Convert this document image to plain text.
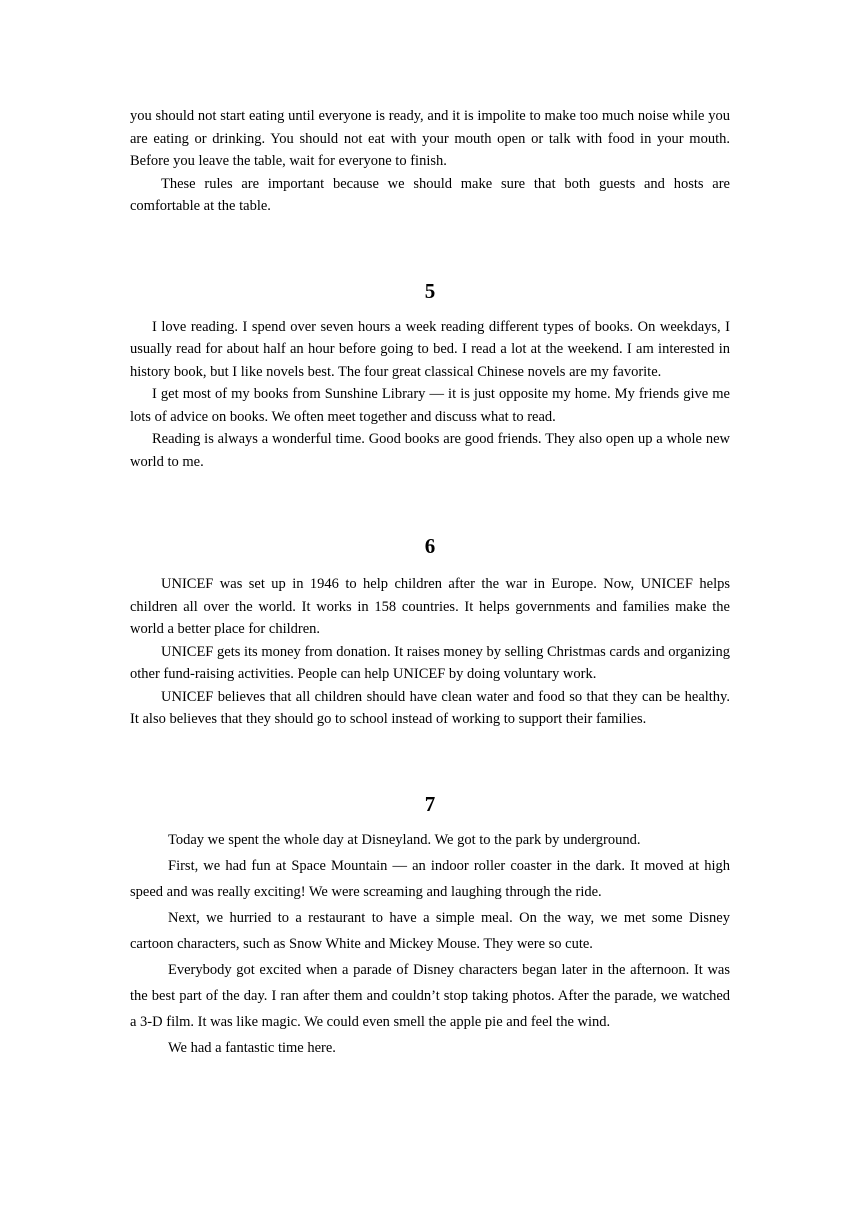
you should not start eating until everyone is ready, and it is impolite to make too much noise while you are eating or drinking. You should not eat with your mouth open or talk with food in your mouth. Before you leave the table, wait for everyone to finish.

These rules are important because we should make sure that both guests and hosts are comfortable at the table.

5

I love reading. I spend over seven hours a week reading different types of books. On weekdays, I usually read for about half an hour before going to bed. I read a lot at the weekend. I am interested in history book, but I like novels best. The four great classical Chinese novels are my favorite.

I get most of my books from Sunshine Library — it is just opposite my home. My friends give me lots of advice on books. We often meet together and discuss what to read.

Reading is always a wonderful time. Good books are good friends. They also open up a whole new world to me.

6

UNICEF was set up in 1946 to help children after the war in Europe. Now, UNICEF helps children all over the world. It works in 158 countries. It helps governments and families make the world a better place for children.

UNICEF gets its money from donation. It raises money by selling Christmas cards and organizing other fund-raising activities. People can help UNICEF by doing voluntary work.

UNICEF believes that all children should have clean water and food so that they can be healthy. It also believes that they should go to school instead of working to support their families.

7

Today we spent the whole day at Disneyland. We got to the park by underground.

First, we had fun at Space Mountain — an indoor roller coaster in the dark. It moved at high speed and was really exciting! We were screaming and laughing through the ride.

Next, we hurried to a restaurant to have a simple meal. On the way, we met some Disney cartoon characters, such as Snow White and Mickey Mouse. They were so cute.

Everybody got excited when a parade of Disney characters began later in the afternoon. It was the best part of the day. I ran after them and couldn’t stop taking photos. After the parade, we watched a 3-D film. It was like magic. We could even smell the apple pie and feel the wind.

We had a fantastic time here.
